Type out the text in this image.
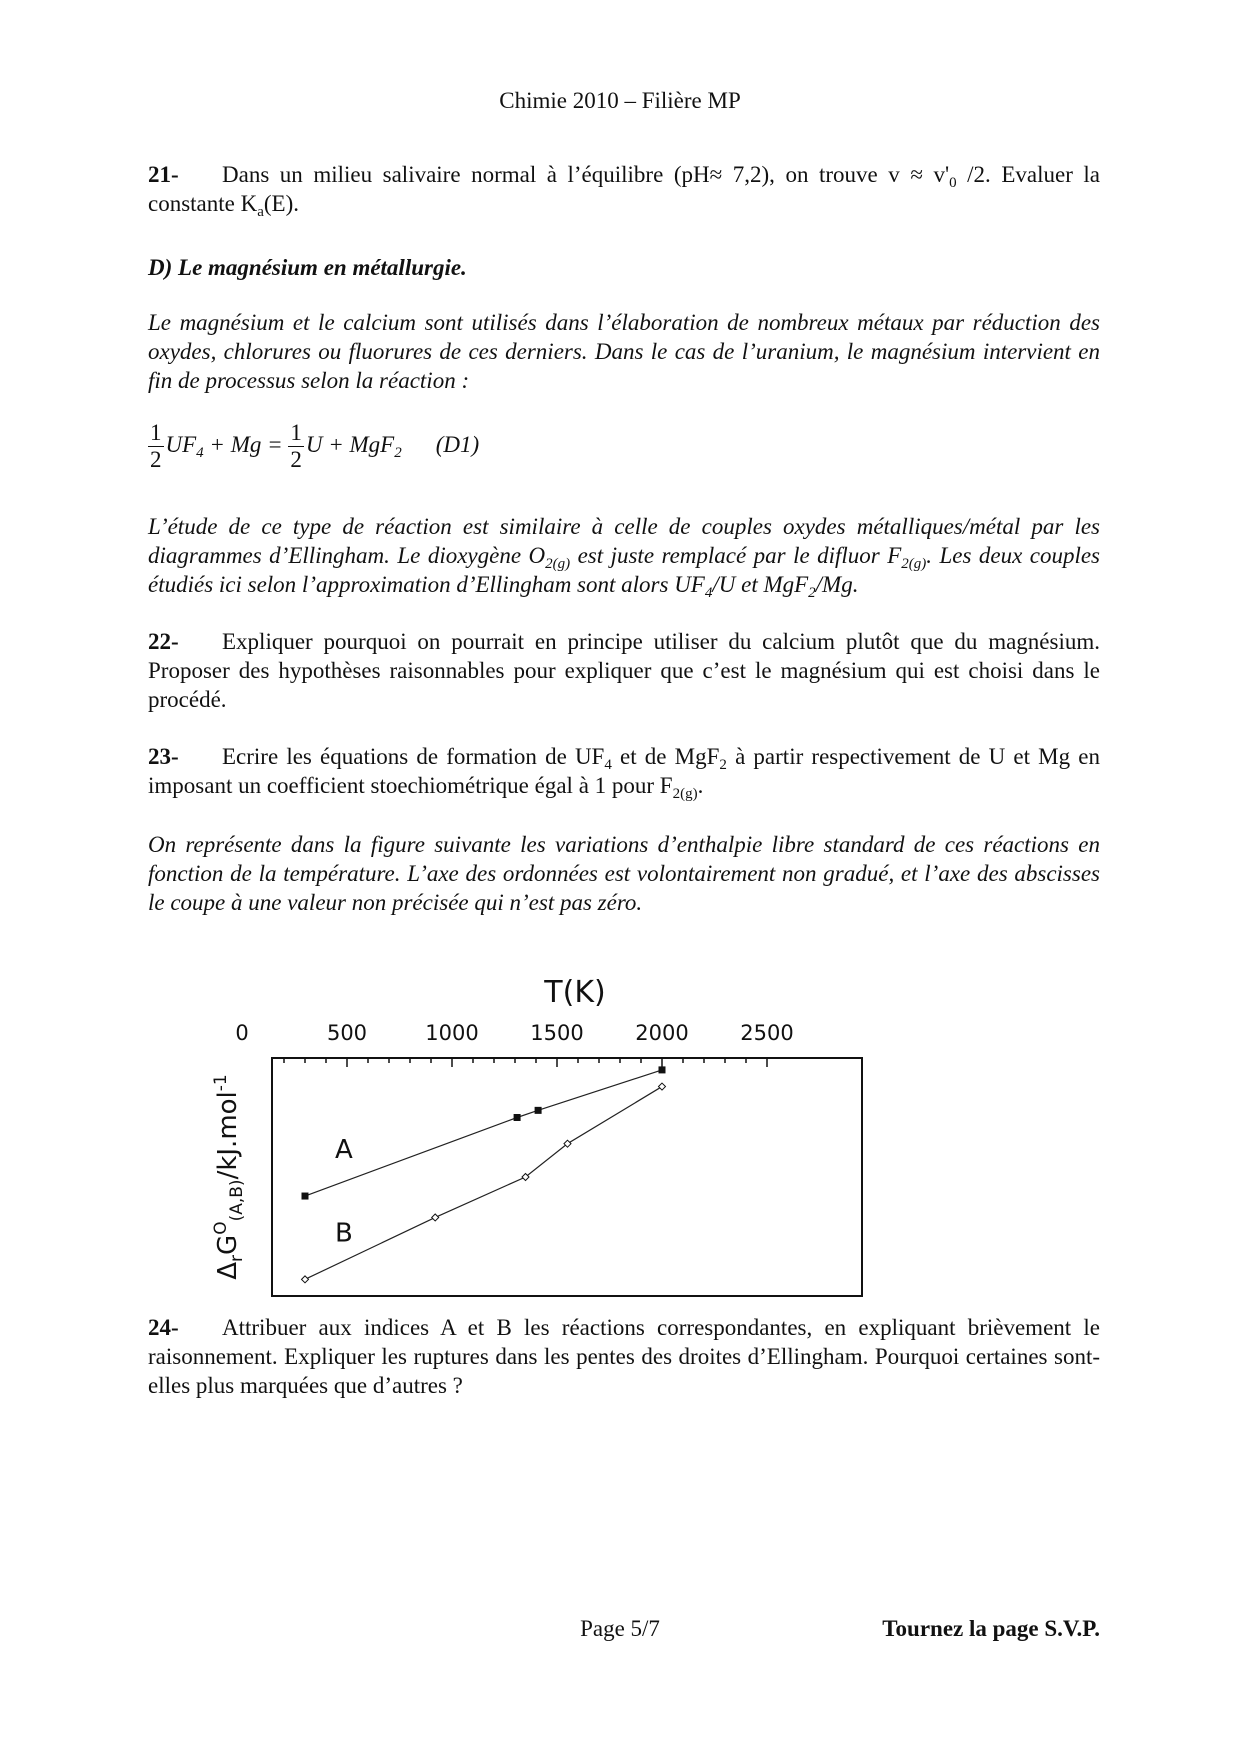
Chimie 2010 – Filière MP
21- Dans un milieu salivaire normal à l’équilibre (pH≈ 7,2), on trouve $v \approx v'_0$ /2. Evaluer la constante $K_a(E)$.
D) Le magnésium en métallurgie.
Le magnésium et le calcium sont utilisés dans l’élaboration de nombreux métaux par réduction des oxydes, chlorures ou fluorures de ces derniers. Dans le cas de l’uranium, le magnésium intervient en fin de processus selon la réaction :
$\frac{1}{2} UF_4 + Mg = \frac{1}{2}$ U + MgF$_2$ (D1)
L’étude de ce type de réaction est similaire à celle de couples oxydes métalliques/métal par les diagrammes d’Ellingham. Le dioxygène $O_{2(g)}$ est juste remplacé par le difluor $F_{2(g)}$. Les deux couples étudiés ici selon l’approximation d’Ellingham sont alors $UF_4/U$ et MgF$_2$/Mg.
22- Expliquer pourquoi on pourrait en principe utiliser du calcium plutôt que du magnésium. Proposer des hypothèses raisonnables pour expliquer que c’est le magnésium qui est choisi dans le procédé.
23- Ecrire les équations de formation de $UF_4$ et de MgF$_2$ à partir respectivement de U et Mg en imposant un coefficient stoechiométrique égal à 1 pour $F_{2(g)}$.
On représente dans la figure suivante les variations d’enthalpie libre standard de ces réactions en fonction de la température. L’axe des ordonnées est volontairement non gradué, et l’axe des abscisses le coupe à une valeur non précisée qui n’est pas zéro.
T(K)
0	500	1000 1500 2000 2500
$\Delta_rG^O_{(A,B)}/kJ.mol^{-1}$
A
B
24- Attribuer aux indices A et B les réactions correspondantes, en expliquant brièvement le raisonnement. Expliquer les ruptures dans les pentes des droites d’Ellingham. Pourquoi certaines sont-elles plus marquées que d’autres ?
Page 5/7	Tournez la page S.V.P.
